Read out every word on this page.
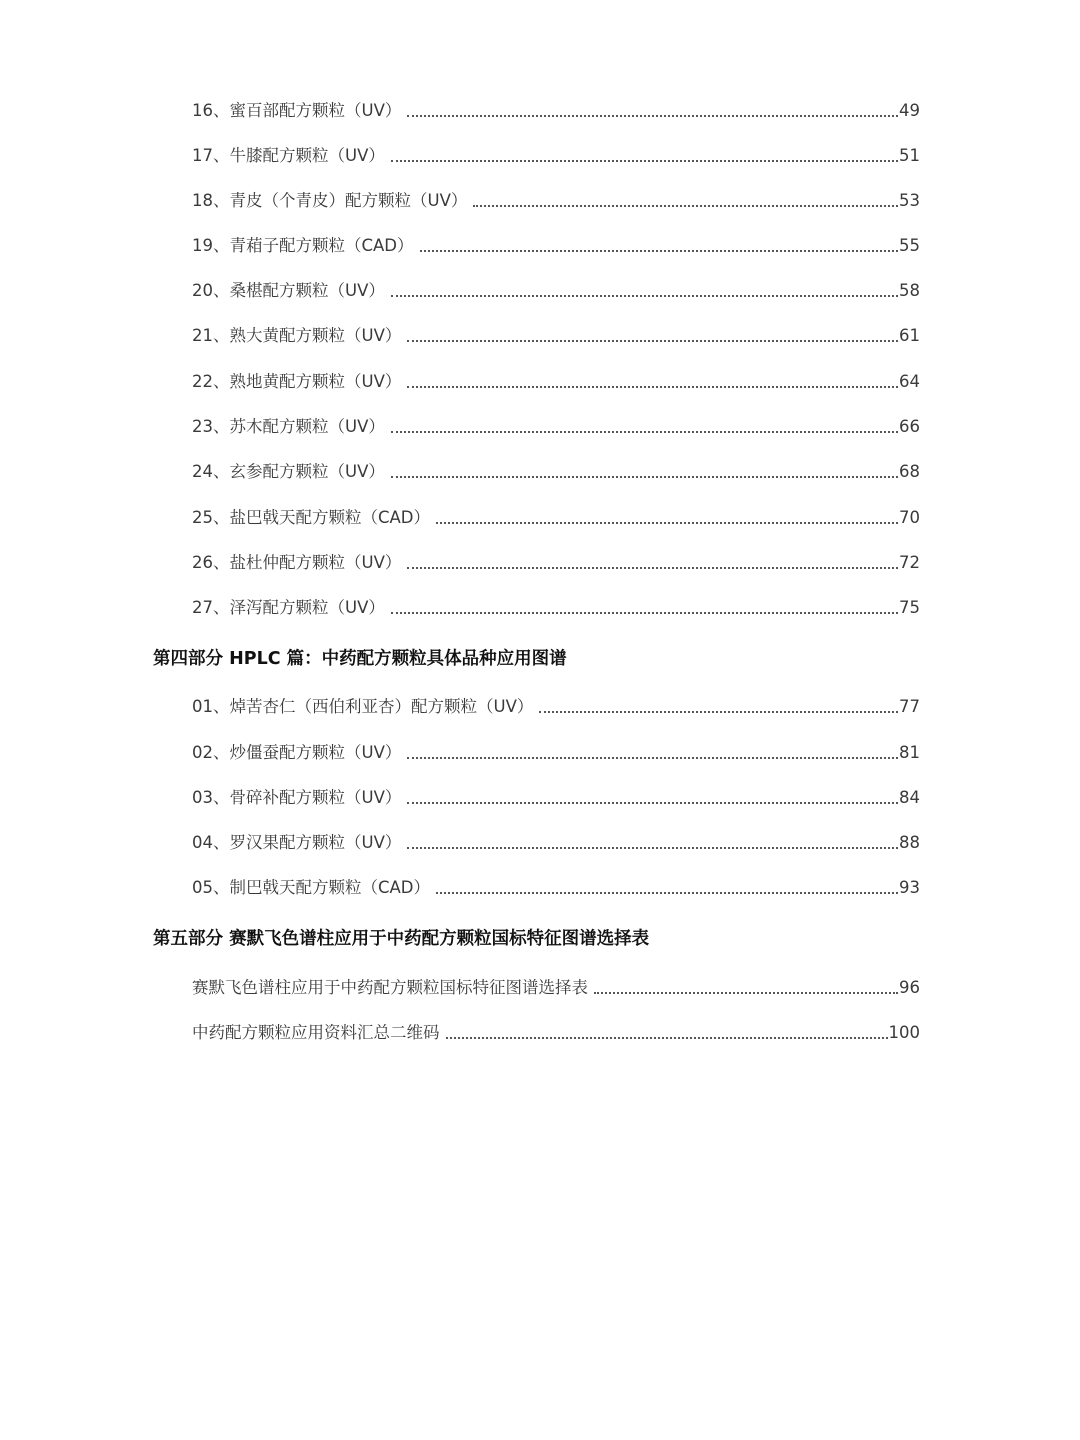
16、蜜百部配方颗粒（UV）	49
17、牛膝配方颗粒（UV）	51
18、青皮（个青皮）配方颗粒（UV）	53
19、青葙子配方颗粒（CAD）	55
20、桑椹配方颗粒（UV）	58
21、熟大黄配方颗粒（UV）	61
22、熟地黄配方颗粒（UV）	64
23、苏木配方颗粒（UV）	66
24、玄参配方颗粒（UV）	68
25、盐巴戟天配方颗粒（CAD）	70
26、盐杜仲配方颗粒（UV）	72
27、泽泻配方颗粒（UV）	75
第四部分 HPLC 篇：中药配方颗粒具体品种应用图谱
01、焯苦杏仁（西伯利亚杏）配方颗粒（UV）	77
02、炒僵蚕配方颗粒（UV）	81
03、骨碎补配方颗粒（UV）	84
04、罗汉果配方颗粒（UV）	88
05、制巴戟天配方颗粒（CAD）	93
第五部分 赛默飞色谱柱应用于中药配方颗粒国标特征图谱选择表
赛默飞色谱柱应用于中药配方颗粒国标特征图谱选择表	96
中药配方颗粒应用资料汇总二维码	100
